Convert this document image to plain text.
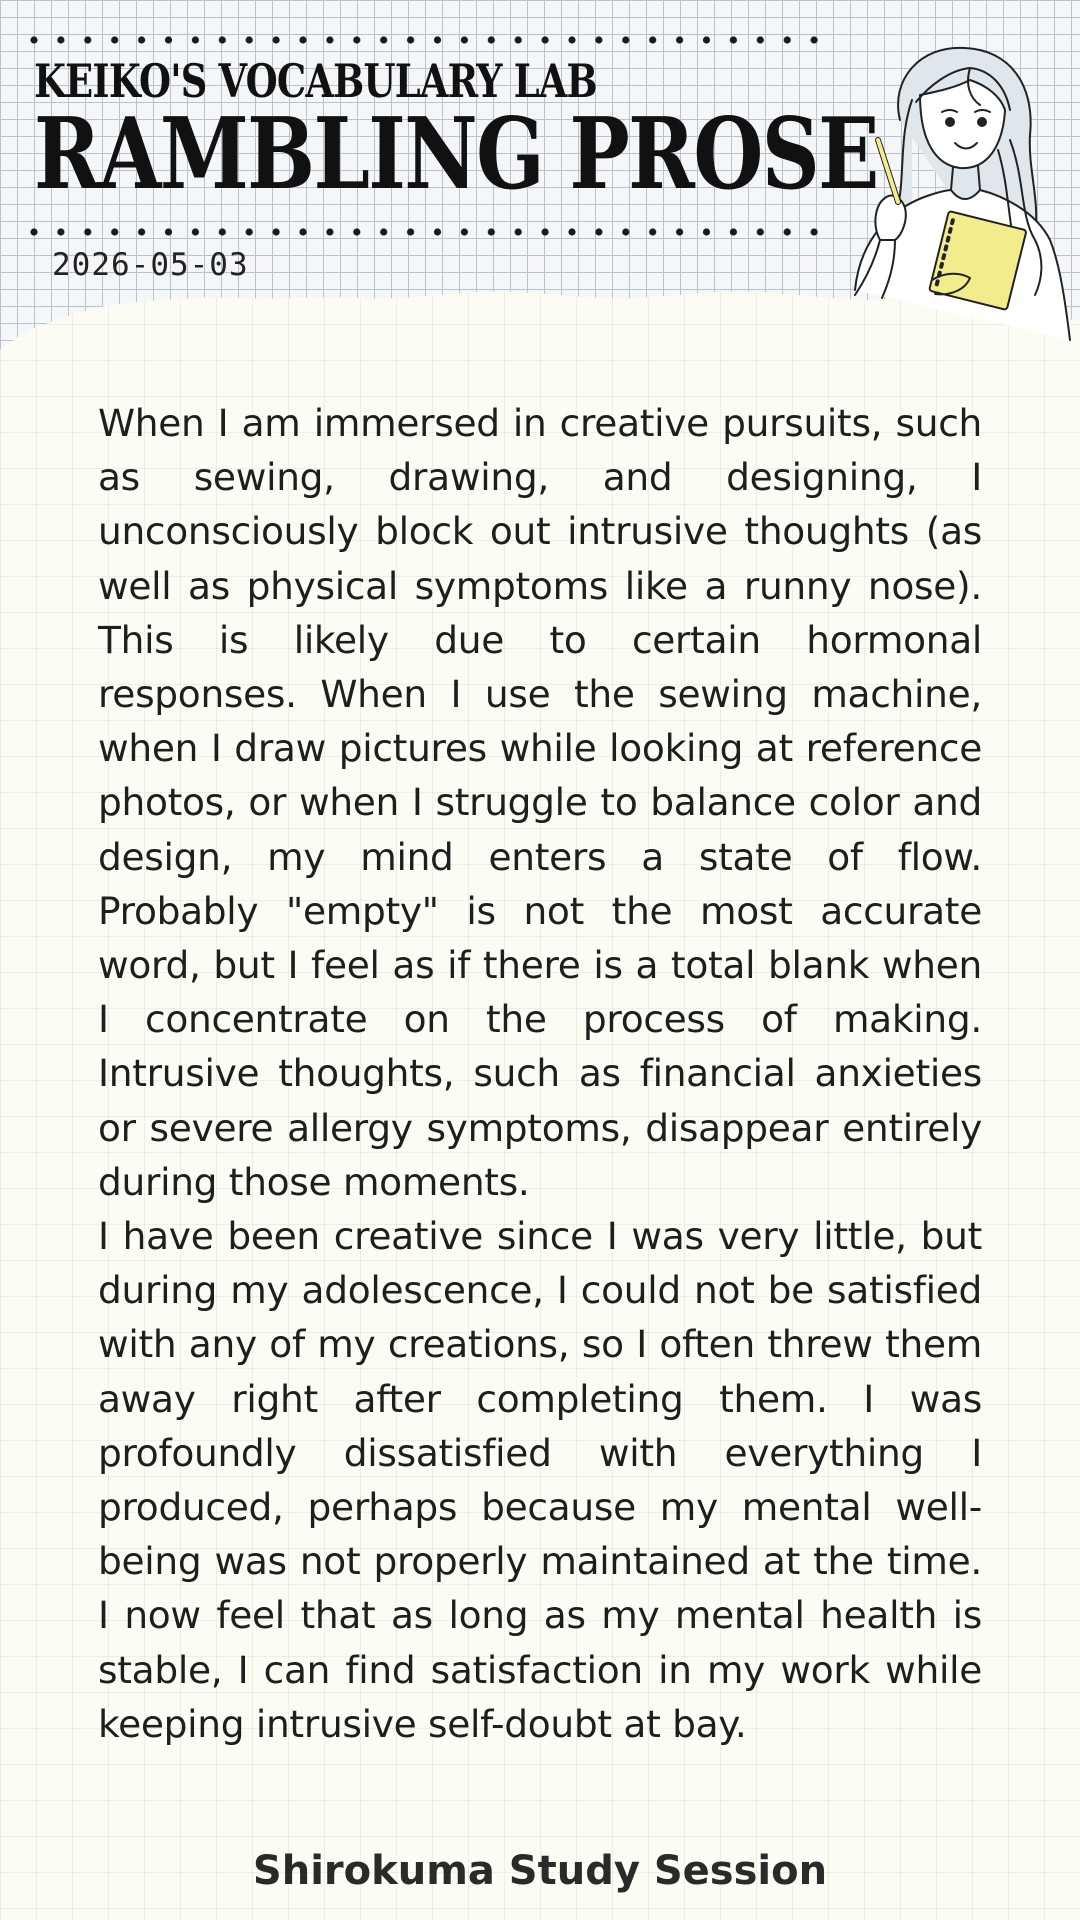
KEIKO'S VOCABULARY LAB
RAMBLING PROSE
2026-05-03

When I am immersed in creative pursuits, such as sewing, drawing, and designing, I unconsciously block out intrusive thoughts (as well as physical symptoms like a runny nose). This is likely due to certain hormonal responses. When I use the sewing machine, when I draw pictures while looking at reference photos, or when I struggle to balance color and design, my mind enters a state of flow. Probably "empty" is not the most accurate word, but I feel as if there is a total blank when I concentrate on the process of making. Intrusive thoughts, such as financial anxieties or severe allergy symptoms, disappear entirely during those moments.

I have been creative since I was very little, but during my adolescence, I could not be satisfied with any of my creations, so I often threw them away right after completing them. I was profoundly dissatisfied with everything I produced, perhaps because my mental well-being was not properly maintained at the time. I now feel that as long as my mental health is stable, I can find satisfaction in my work while keeping intrusive self-doubt at bay.

Shirokuma Study Session
